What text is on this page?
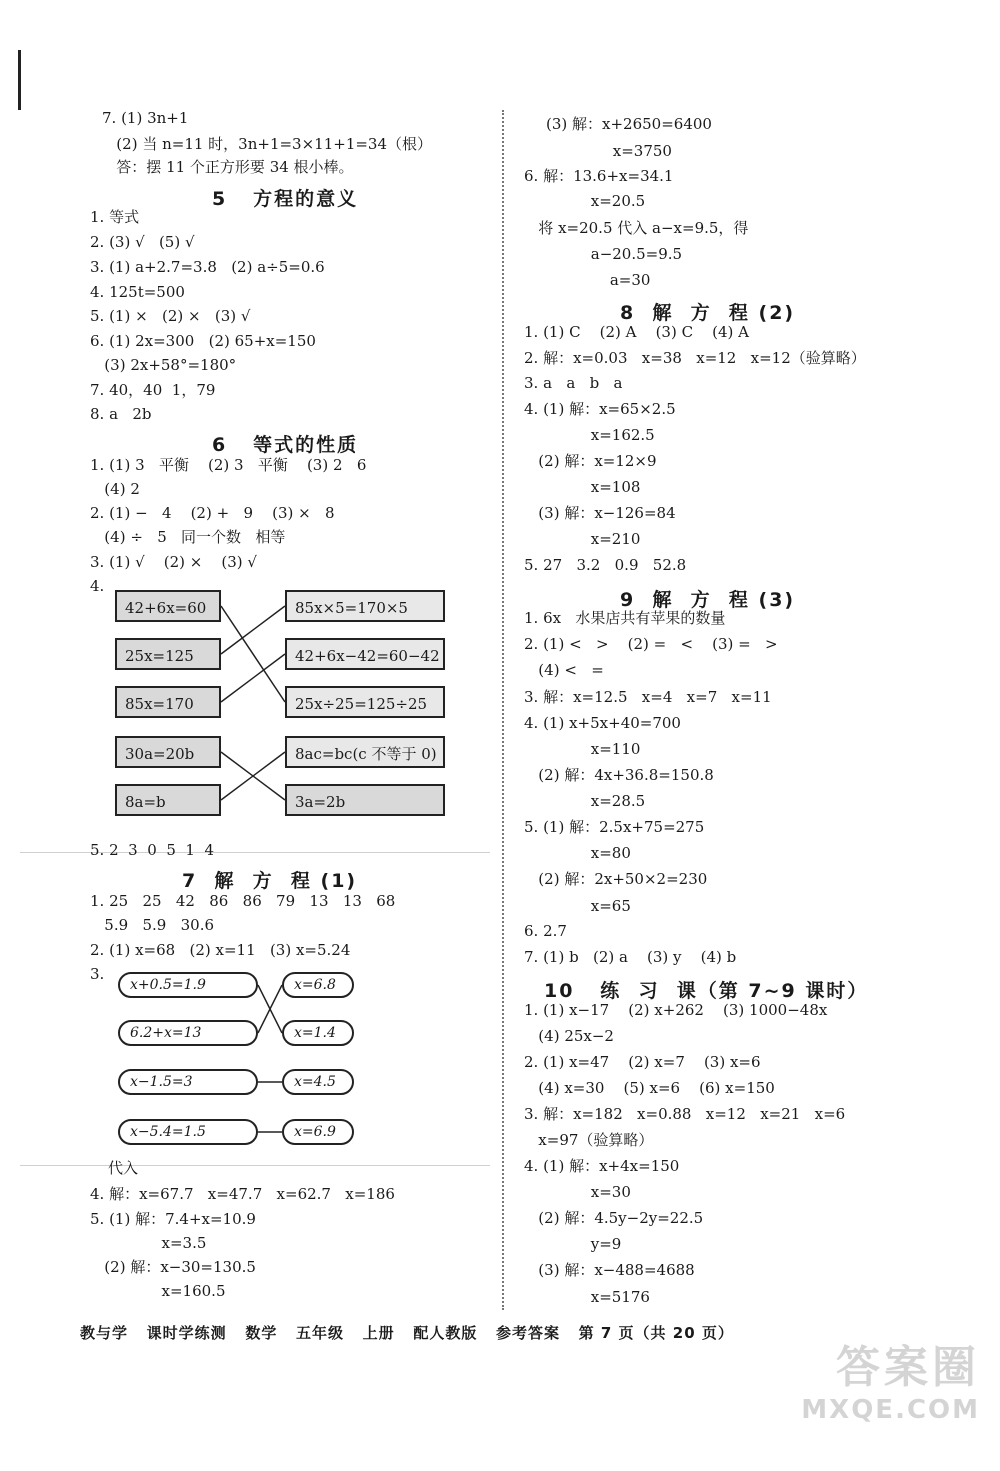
7. (1) 3n+1
(2) 当 n=11 时，3n+1=3×11+1=34（根）
答：摆 11 个正方形要 34 根小棒。
5   方程的意义
1. 等式
2. (3) √   (5) √
3. (1) a+2.7=3.8   (2) a÷5=0.6
4. 125t=500
5. (1) ×   (2) ×   (3) √
6. (1) 2x=300   (2) 65+x=150
(3) 2x+58°=180°
7. 40，40  1，79
8. a   2b
6   等式的性质
1. (1) 3   平衡    (2) 3   平衡    (3) 2   6
(4) 2
2. (1) −   4    (2) +   9    (3) ×   8
(4) ÷   5   同一个数   相等
3. (1) √    (2) ×    (3) √
4.
5. 2  3  0  5  1  4
7  解  方  程 (1)
1. 25   25   42   86   86   79   13   13   68
5.9   5.9   30.6
2. (1) x=68   (2) x=11   (3) x=5.24
3.
代入
4. 解：x=67.7   x=47.7   x=62.7   x=186
5. (1) 解：7.4+x=10.9
x=3.5
(2) 解：x−30=130.5
x=160.5
42+6x=60
25x=125
85x=170
30a=20b
8a=b
85x×5=170×5
42+6x−42=60−42
25x÷25=125÷25
8ac=bc(c 不等于 0)
3a=2b
x+0.5=1.9
6.2+x=13
x−1.5=3
x−5.4=1.5
x=6.8
x=1.4
x=4.5
x=6.9
(3) 解：x+2650=6400
x=3750
6. 解：13.6+x=34.1
x=20.5
将 x=20.5 代入 a−x=9.5，得
a−20.5=9.5
a=30
8  解  方  程 (2)
1. (1) C    (2) A    (3) C    (4) A
2. 解：x=0.03   x=38   x=12   x=12（验算略）
3. a   a   b   a
4. (1) 解：x=65×2.5
x=162.5
(2) 解：x=12×9
x=108
(3) 解：x−126=84
x=210
5. 27   3.2   0.9   52.8
9  解  方  程 (3)
1. 6x   水果店共有苹果的数量
2. (1) <   >    (2) =   <    (3) =   >
(4) <   =
3. 解：x=12.5   x=4   x=7   x=11
4. (1) x+5x+40=700
x=110
(2) 解：4x+36.8=150.8
x=28.5
5. (1) 解：2.5x+75=275
x=80
(2) 解：2x+50×2=230
x=65
6. 2.7
7. (1) b   (2) a    (3) y    (4) b
10   练  习  课（第 7~9 课时）
1. (1) x−17    (2) x+262    (3) 1000−48x
(4) 25x−2
2. (1) x=47    (2) x=7    (3) x=6
(4) x=30    (5) x=6    (6) x=150
3. 解：x=182   x=0.88   x=12   x=21   x=6
x=97（验算略）
4. (1) 解：x+4x=150
x=30
(2) 解：4.5y−2y=22.5
y=9
(3) 解：x−488=4688
x=5176
教与学   课时学练测   数学   五年级   上册   配人教版   参考答案   第 7 页（共 20 页）
答案圈
MXQE.COM
